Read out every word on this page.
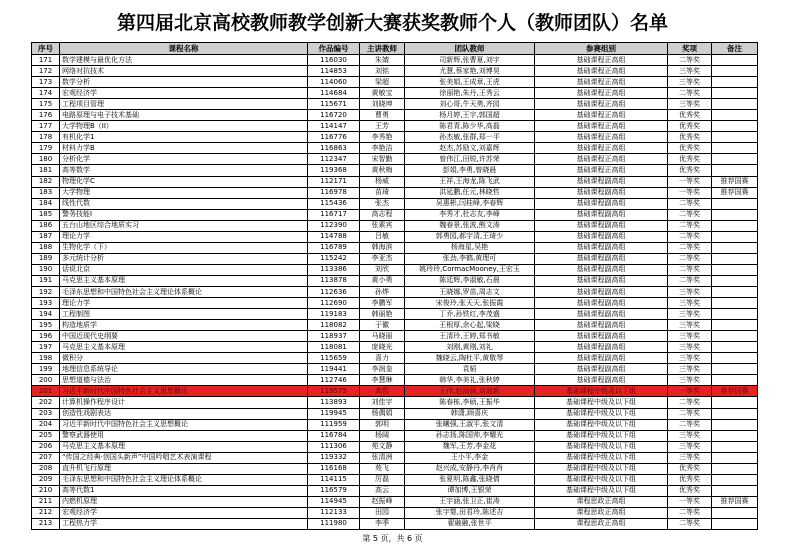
第四届北京高校教师教学创新大赛获奖教师个人（教师团队）名单
序号	课程名称	作品编号	主讲教师	团队教师	参赛组别	奖项	备注
171	数学建模与最优化方法	116030	朱婧	司新辉,张曹夏,刘宇	基础课程正高组	二等奖	
172	网络对抗技术	114853	刘铭	尤慧,蔡家艳,刘博昊	基础课程正高组	三等奖	
173	数学分析	114060	梁超	张美娟,王成章,王虎	基础课程正高组	三等奖	
174	宏观经济学	114684	黄敏宝	徐丽艳,朱丹,王秀云	基础课程正高组	二等奖	
175	工程项目管理	115671	刘晓坤	刘心哥,牛天勇,齐园	基础课程正高组	三等奖	
176	电路原理与电子技术基础	116720	曹勇	杨月婷,王宇,郭国超	基础课程正高组	优秀奖	
177	大学物理B（II）	114147	王芳	陈君青,陈少华,高磊	基础课程正高组	优秀奖	
178	有机化学1	116776	李秀艳	孙杰敏,张群,郑一平	基础课程正高组	优秀奖	
179	材料力学B	116863	李艳洁	赵杰,苏励文,刘嘉辉	基础课程正高组	优秀奖	
180	分析化学	112347	宋智勤	曾伟江,田锐,许苏荣	基础课程正高组	优秀奖	
181	高等数学	119368	黄秋梅	彭娟,李勇,曾晓晨	基础课程正高组	优秀奖	
182	物理化学C	112171	杨威	王祥,王海龙,陈飞武	基础课程副高组	一等奖	推荐国赛
183	大学物理	116978	苗琦	洪延鹏,任元,林晓哲	基础课程副高组	一等奖	推荐国赛
184	线性代数	115436	张杰	吴惠彬,闫桂峰,李春辉	基础课程副高组	二等奖	
185	警务技能Ⅰ	116717	高志程	李秀才,杜志友,李峰	基础课程副高组	二等奖	
186	五台山地区综合地质实习	112390	张素宾	魏春景,张波,熊文涛	基础课程副高组	二等奖	
187	理论力学	114788	吕敏	郭勇园,郝宇清,王琦少	基础课程副高组	二等奖	
188	生物化学（下）	116789	韩海滨	杨海星,吴艳	基础课程副高组	二等奖	
189	多元统计分析	115242	李亚杰	张劲,李鹤,黄理可	基础课程副高组	二等奖	
190	话说北京	113386	刘欣	姚玲玲,CormacMooney,王宏玉	基础课程副高组	二等奖	
191	马克思主义基本原理	113878	黄小勇	陈廷辉,李淑敏,石晨	基础课程副高组	二等奖	
192	毛泽东思想和中国特色社会主义理论体系概论	112636	孙烨	王晓娜,罗苗,周志文	基础课程副高组	三等奖	
193	理论力学	112690	李鹏军	宋俊玲,张天天,张振霞	基础课程副高组	三等奖	
194	工程制图	119183	韩丽艳	丁乔,孙铁红,李茂盛	基础课程副高组	三等奖	
195	构造地质学	118082	于徽	王根厚,余心起,梁晓	基础课程副高组	三等奖	
196	中国近现代史纲要	118937	马晓丽	王清玲,王婷,郑书敏	基础课程副高组	三等奖	
197	马克思主义基本原理	118081	庞晓光	刘刚,黄刚,刘礼	基础课程副高组	三等奖	
198	微积分	115659	喜力	魏晓云,陶杜平,黄敬琴	基础课程副高组	三等奖	
199	地理信息系统导论	119441	李润奎	袁韬	基础课程副高组	三等奖	
200	思想道德与法治	112746	李慧琳	韩华,李美礼,张秋婷	基础课程副高组	三等奖	
201	习近平新时代中国特色社会主义思想概论	119575	高哲	王伟,赵雨晨,刘迪新	基础课程中级及以下组	一等奖	推荐国赛
202	计算机操作程序设计	113893	刘佳宇	陈春栋,李硕,王振华	基础课程中级及以下组	二等奖	
203	创造性戏剧表达	119945	杨偶娟	韩潇,顾喜庆	基础课程中级及以下组	二等奖	
204	习近平新时代中国特色社会主义思想概论	111959	郭明	张曦强,王淑平,张文清	基础课程中级及以下组	二等奖	
205	警察武器使用	116784	杨阔	孙志扬,陈国帅,李耀光	基础课程中级及以下组	三等奖	
206	马克思主义基本原理	111306	苑文静	魏军,王芳,李金花	基础课程中级及以下组	三等奖	
207	“传国之经典·创国头新声”中国吟唱艺术表演课程	119332	张清洲	王小平,李金	基础课程中级及以下组	三等奖	
208	直升机飞行原理	116168	苑飞	赵兴成,安静丹,李肖肖	基础课程中级及以下组	优秀奖	
209	毛泽东思想和中国特色社会主义理论体系概论	114115	厉磊	张夏明,陈鑫,张晓倩	基础课程中级及以下组	优秀奖	
210	高等代数1	116579	高云	谭加博,王银荣	基础课程中级及以下组	优秀奖	
211	内燃机原理	114945	赵振峰	王宇涵,张卫正,崔涛	课程思政正高组	一等奖	推荐国赛
212	宏观经济学	112133	田园	张宇婴,田君玲,陈述吉	课程思政正高组	二等奖	
213	工程热力学	111980	李季	翟融融,张世平	课程思政正高组	二等奖	
第 5 页，共 6 页
